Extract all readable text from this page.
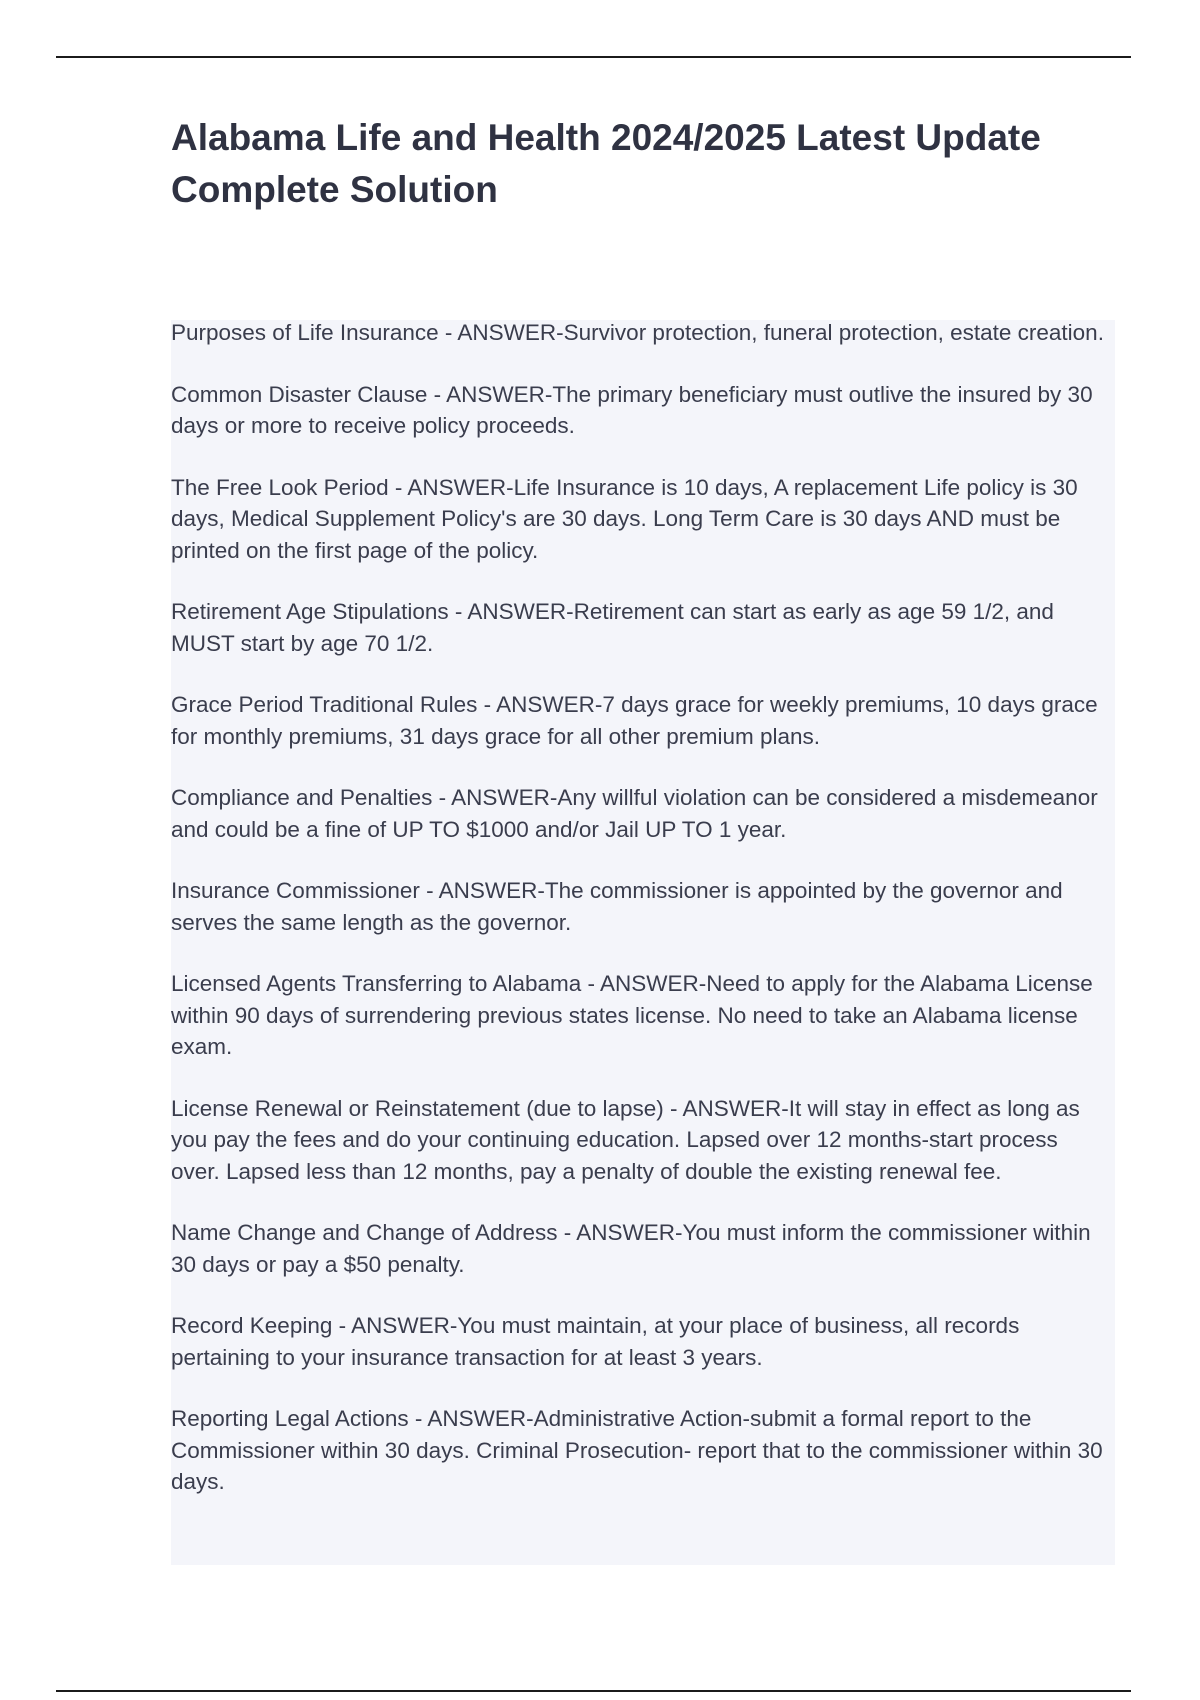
Alabama Life and Health 2024/2025 Latest Update Complete Solution
Purposes of Life Insurance - ANSWER-Survivor protection, funeral protection, estate creation.
Common Disaster Clause - ANSWER-The primary beneficiary must outlive the insured by 30 days or more to receive policy proceeds.
The Free Look Period - ANSWER-Life Insurance is 10 days, A replacement Life policy is 30 days, Medical Supplement Policy's are 30 days. Long Term Care is 30 days AND must be printed on the first page of the policy.
Retirement Age Stipulations - ANSWER-Retirement can start as early as age 59 1/2, and MUST start by age 70 1/2.
Grace Period Traditional Rules - ANSWER-7 days grace for weekly premiums, 10 days grace for monthly premiums, 31 days grace for all other premium plans.
Compliance and Penalties - ANSWER-Any willful violation can be considered a misdemeanor and could be a fine of UP TO $1000 and/or Jail UP TO 1 year.
Insurance Commissioner - ANSWER-The commissioner is appointed by the governor and serves the same length as the governor.
Licensed Agents Transferring to Alabama - ANSWER-Need to apply for the Alabama License within 90 days of surrendering previous states license. No need to take an Alabama license exam.
License Renewal or Reinstatement (due to lapse) - ANSWER-It will stay in effect as long as you pay the fees and do your continuing education. Lapsed over 12 months-start process over. Lapsed less than 12 months, pay a penalty of double the existing renewal fee.
Name Change and Change of Address - ANSWER-You must inform the commissioner within 30 days or pay a $50 penalty.
Record Keeping - ANSWER-You must maintain, at your place of business, all records pertaining to your insurance transaction for at least 3 years.
Reporting Legal Actions - ANSWER-Administrative Action-submit a formal report to the Commissioner within 30 days. Criminal Prosecution- report that to the commissioner within 30 days.
